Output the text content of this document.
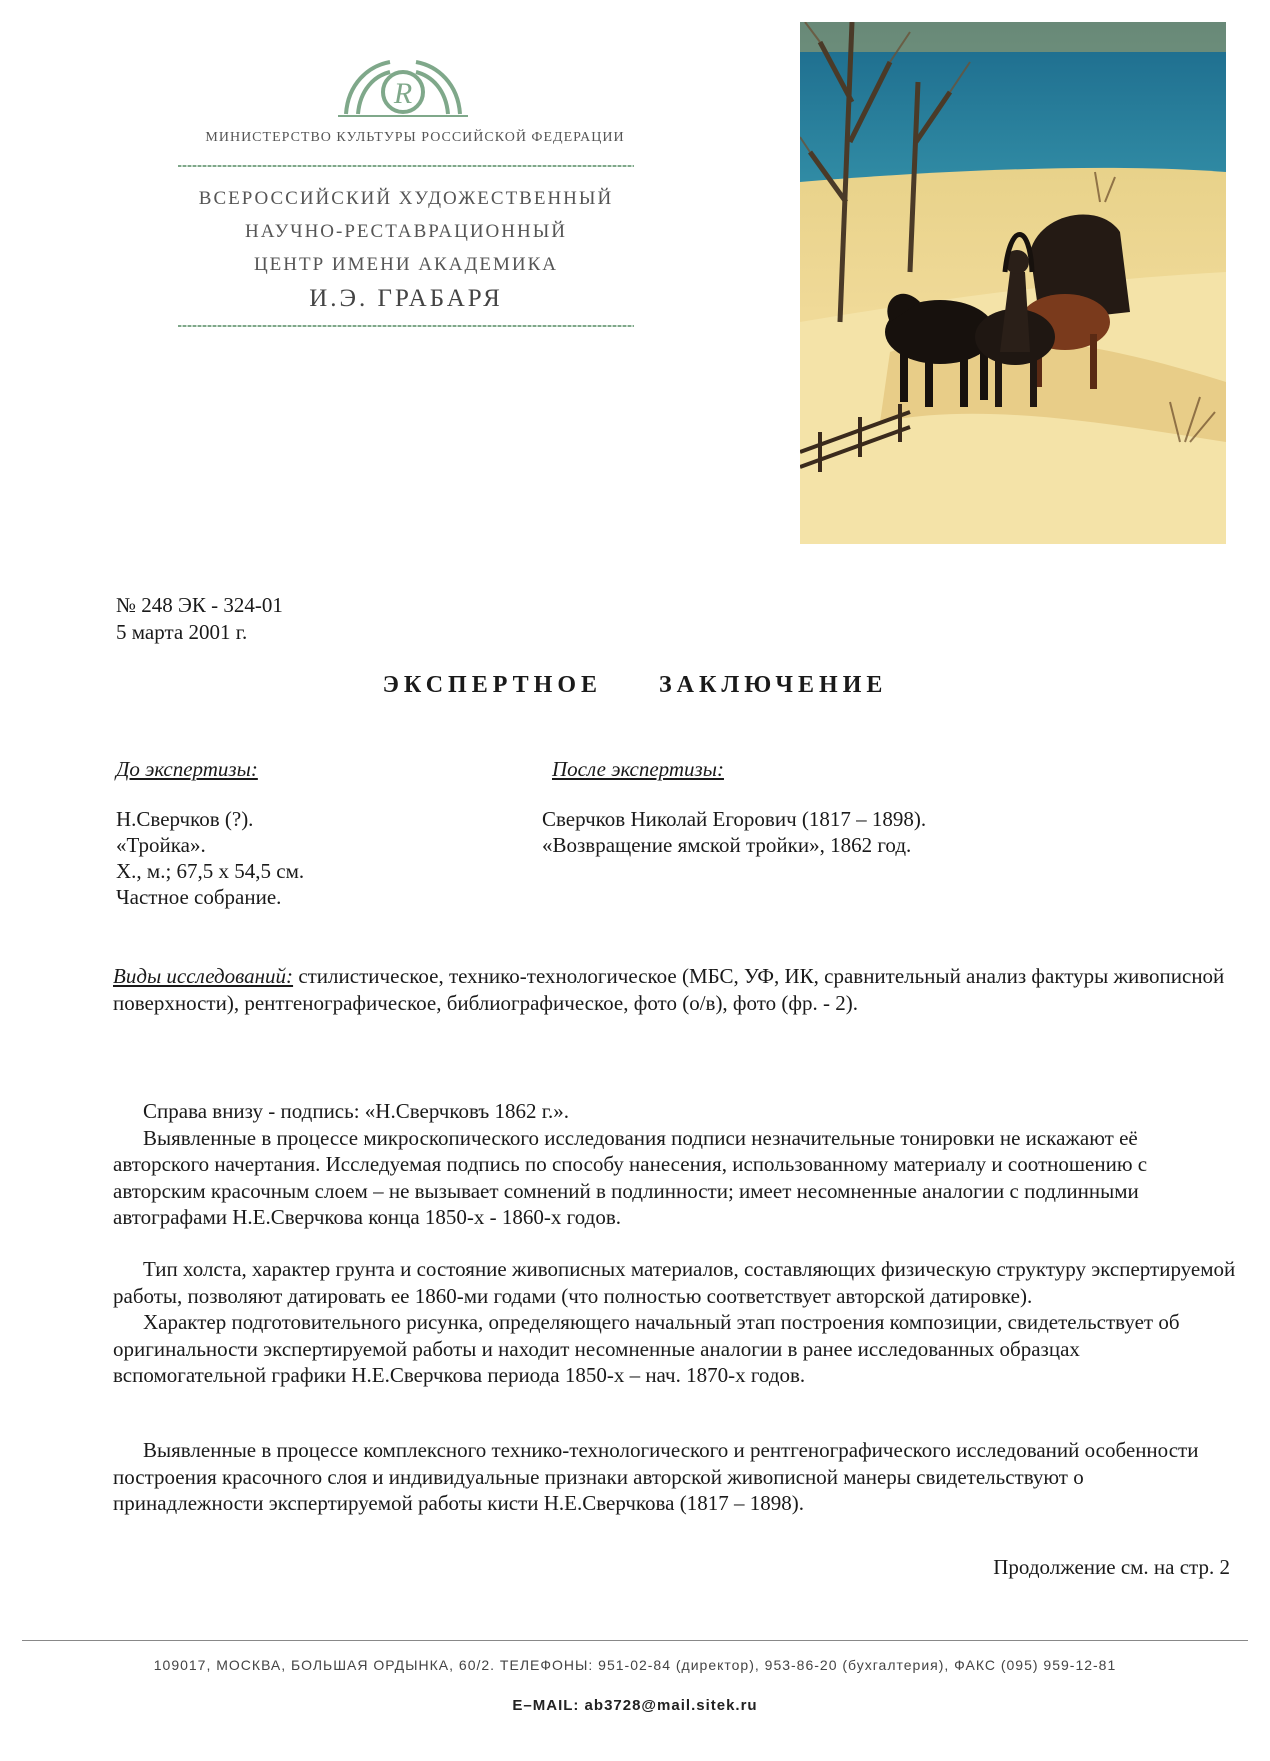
R
МИНИСТЕРСТВО КУЛЬТУРЫ РОССИЙСКОЙ ФЕДЕРАЦИИ
ВСЕРОССИЙСКИЙ ХУДОЖЕСТВЕННЫЙ
НАУЧНО-РЕСТАВРАЦИОННЫЙ
ЦЕНТР ИМЕНИ АКАДЕМИКА
И.Э. ГРАБАРЯ
№ 248 ЭК - 324-01
5 марта 2001 г.
ЭКСПЕРТНОЕ ЗАКЛЮЧЕНИЕ
До экспертизы:	После экспертизы:
Н.Сверчков (?).
«Тройка».
Х., м.; 67,5 х 54,5 см.
Частное собрание.
Сверчков Николай Егорович (1817 – 1898).
«Возвращение ямской тройки», 1862 год.
Виды исследований: стилистическое, технико-технологическое (МБС, УФ, ИК, сравнительный анализ фактуры живописной поверхности), рентгенографическое, библиографическое, фото (о/в), фото (фр. - 2).

Справа внизу - подпись: «Н.Сверчковъ 1862 г.».

Выявленные в процессе микроскопического исследования подписи незначительные тонировки не искажают её авторского начертания. Исследуемая подпись по способу нанесения, использованному материалу и соотношению с авторским красочным слоем – не вызывает сомнений в подлинности; имеет несомненные аналогии с подлинными автографами Н.Е.Сверчкова конца 1850-х - 1860-х годов.

Тип холста, характер грунта и состояние живописных материалов, составляющих физическую структуру экспертируемой работы, позволяют датировать ее 1860-ми годами (что полностью соответствует авторской датировке).

Характер подготовительного рисунка, определяющего начальный этап построения композиции, свидетельствует об оригинальности экспертируемой работы и находит несомненные аналогии в ранее исследованных образцах вспомогательной графики Н.Е.Сверчкова периода 1850-х – нач. 1870-х годов.

Выявленные в процессе комплексного технико-технологического и рентгенографического исследований особенности построения красочного слоя и индивидуальные признаки авторской живописной манеры свидетельствуют о принадлежности экспертируемой работы кисти Н.Е.Сверчкова (1817 – 1898).

Продолжение см. на стр. 2
109017, МОСКВА, БОЛЬШАЯ ОРДЫНКА, 60/2. ТЕЛЕФОНЫ: 951-02-84 (директор), 953-86-20 (бухгалтерия), ФАКС (095) 959-12-81
E–MAIL: ab3728@mail.sitek.ru
